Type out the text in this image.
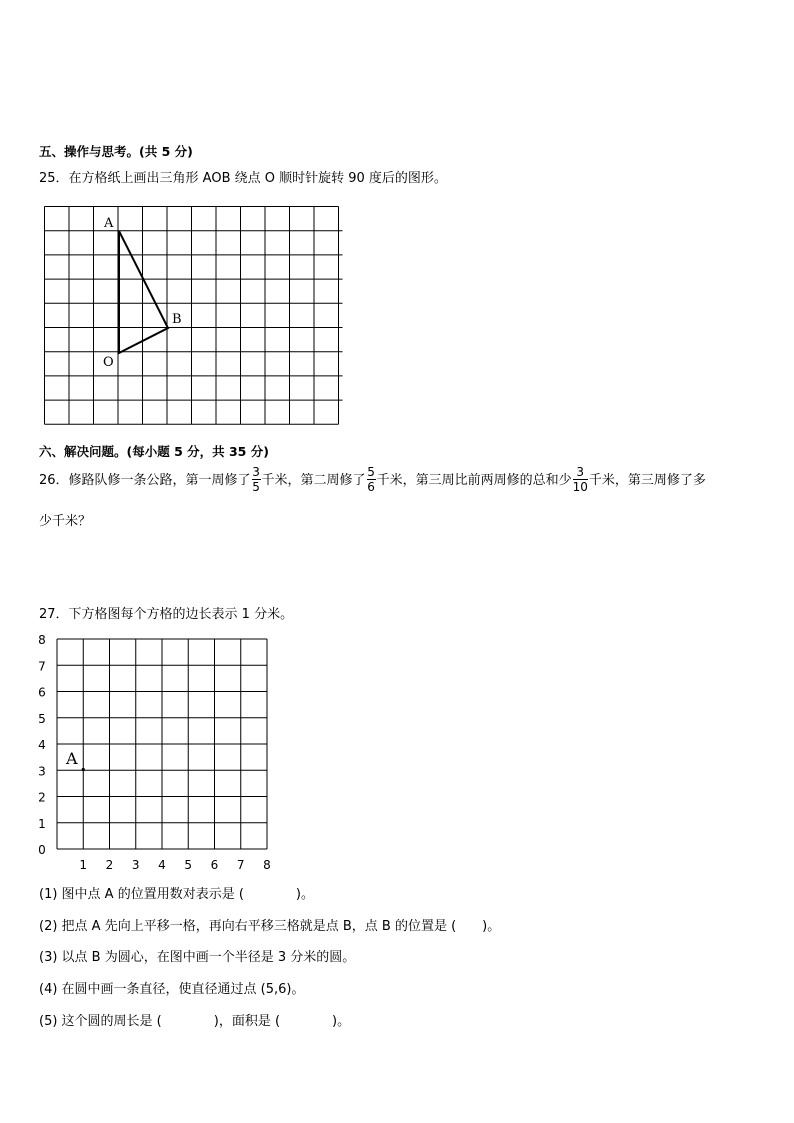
五、操作与思考。(共 5 分)
25．在方格纸上画出三角形 AOB 绕点 O 顺时针旋转 90 度后的图形。
A
B
O
六、解决问题。(每小题 5 分，共 35 分)
26．修路队修一条公路，第一周修了 $\frac{3}{5}$ 千米，第二周修了 $\frac{5}{6}$ 千米，第三周比前两周修的总和少 $\frac{3}{10}$ 千米，第三周修了多
少千米？
27．下方格图每个方格的边长表示 1 分米。
8
7
6
5
4
3
2
1
0
1 2 3 4 5 6 7 8
A
(1) 图中点 A 的位置用数对表示是 (　　　　)。
(2) 把点 A 先向上平移一格，再向右平移三格就是点 B，点 B 的位置是 (　　)。
(3) 以点 B 为圆心，在图中画一个半径是 3 分米的圆。
(4) 在圆中画一条直径，使直径通过点 (5,6)。
(5) 这个圆的周长是 (　　　　)，面积是 (　　　　)。
